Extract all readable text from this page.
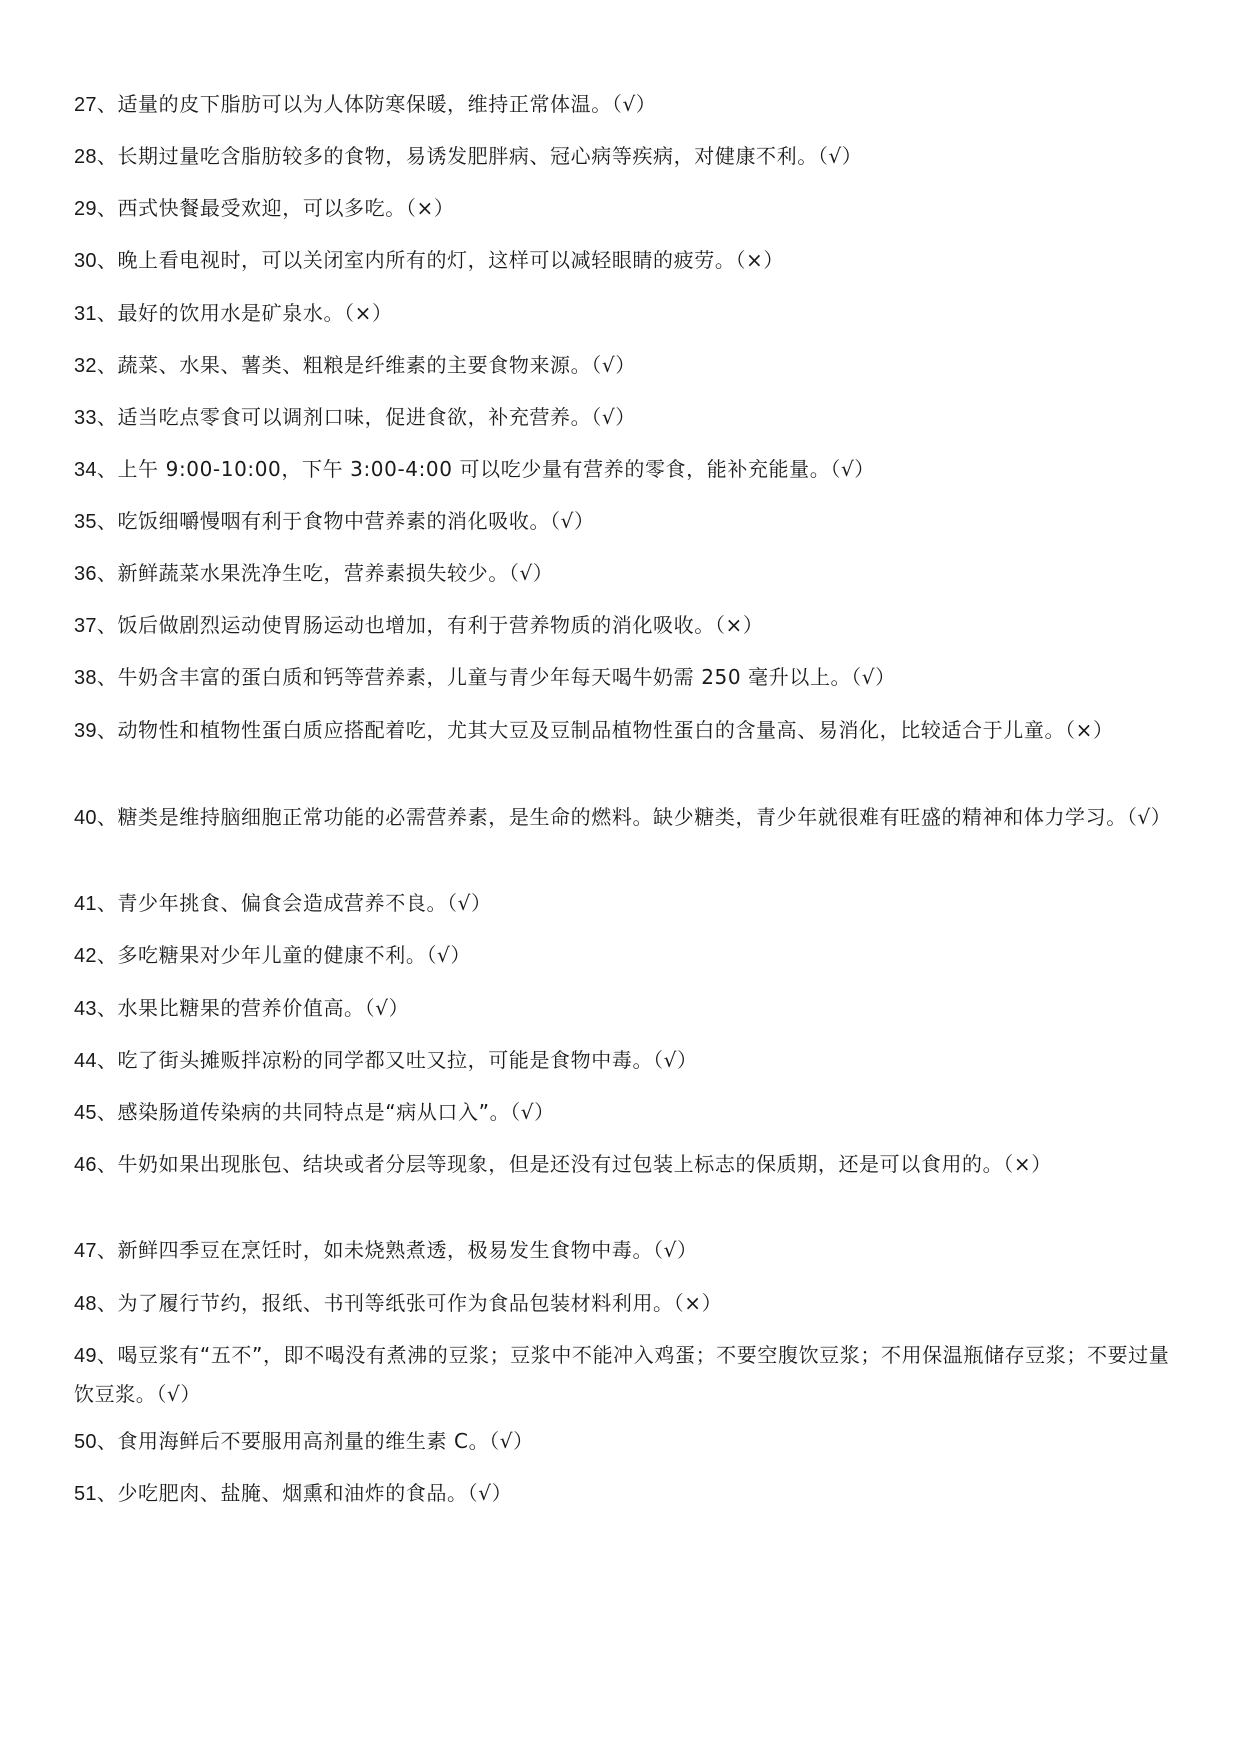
27、适量的皮下脂肪可以为人体防寒保暖，维持正常体温。（√）

28、长期过量吃含脂肪较多的食物，易诱发肥胖病、冠心病等疾病，对健康不利。（√）

29、西式快餐最受欢迎，可以多吃。（×）

30、晚上看电视时，可以关闭室内所有的灯，这样可以减轻眼睛的疲劳。（×）

31、最好的饮用水是矿泉水。（×）

32、蔬菜、水果、薯类、粗粮是纤维素的主要食物来源。（√）

33、适当吃点零食可以调剂口味，促进食欲，补充营养。（√）

34、上午 9:00-10:00，下午 3:00-4:00 可以吃少量有营养的零食，能补充能量。（√）

35、吃饭细嚼慢咽有利于食物中营养素的消化吸收。（√）

36、新鲜蔬菜水果洗净生吃，营养素损失较少。（√）

37、饭后做剧烈运动使胃肠运动也增加，有利于营养物质的消化吸收。（×）

38、牛奶含丰富的蛋白质和钙等营养素，儿童与青少年每天喝牛奶需 250 毫升以上。（√）

39、动物性和植物性蛋白质应搭配着吃，尤其大豆及豆制品植物性蛋白的含量高、易消化，比较适合于儿童。（×）

40、糖类是维持脑细胞正常功能的必需营养素，是生命的燃料。缺少糖类，青少年就很难有旺盛的精神和体力学习。（√）

41、青少年挑食、偏食会造成营养不良。（√）

42、多吃糖果对少年儿童的健康不利。（√）

43、水果比糖果的营养价值高。（√）

44、吃了街头摊贩拌凉粉的同学都又吐又拉，可能是食物中毒。（√）

45、感染肠道传染病的共同特点是“病从口入”。（√）

46、牛奶如果出现胀包、结块或者分层等现象，但是还没有过包装上标志的保质期，还是可以食用的。（×）

47、新鲜四季豆在烹饪时，如未烧熟煮透，极易发生食物中毒。（√）

48、为了履行节约，报纸、书刊等纸张可作为食品包装材料利用。（×）

49、喝豆浆有“五不”，即不喝没有煮沸的豆浆；豆浆中不能冲入鸡蛋；不要空腹饮豆浆；不用保温瓶储存豆浆；不要过量饮豆浆。（√）

50、食用海鲜后不要服用高剂量的维生素 C。（√）

51、少吃肥肉、盐腌、烟熏和油炸的食品。（√）
